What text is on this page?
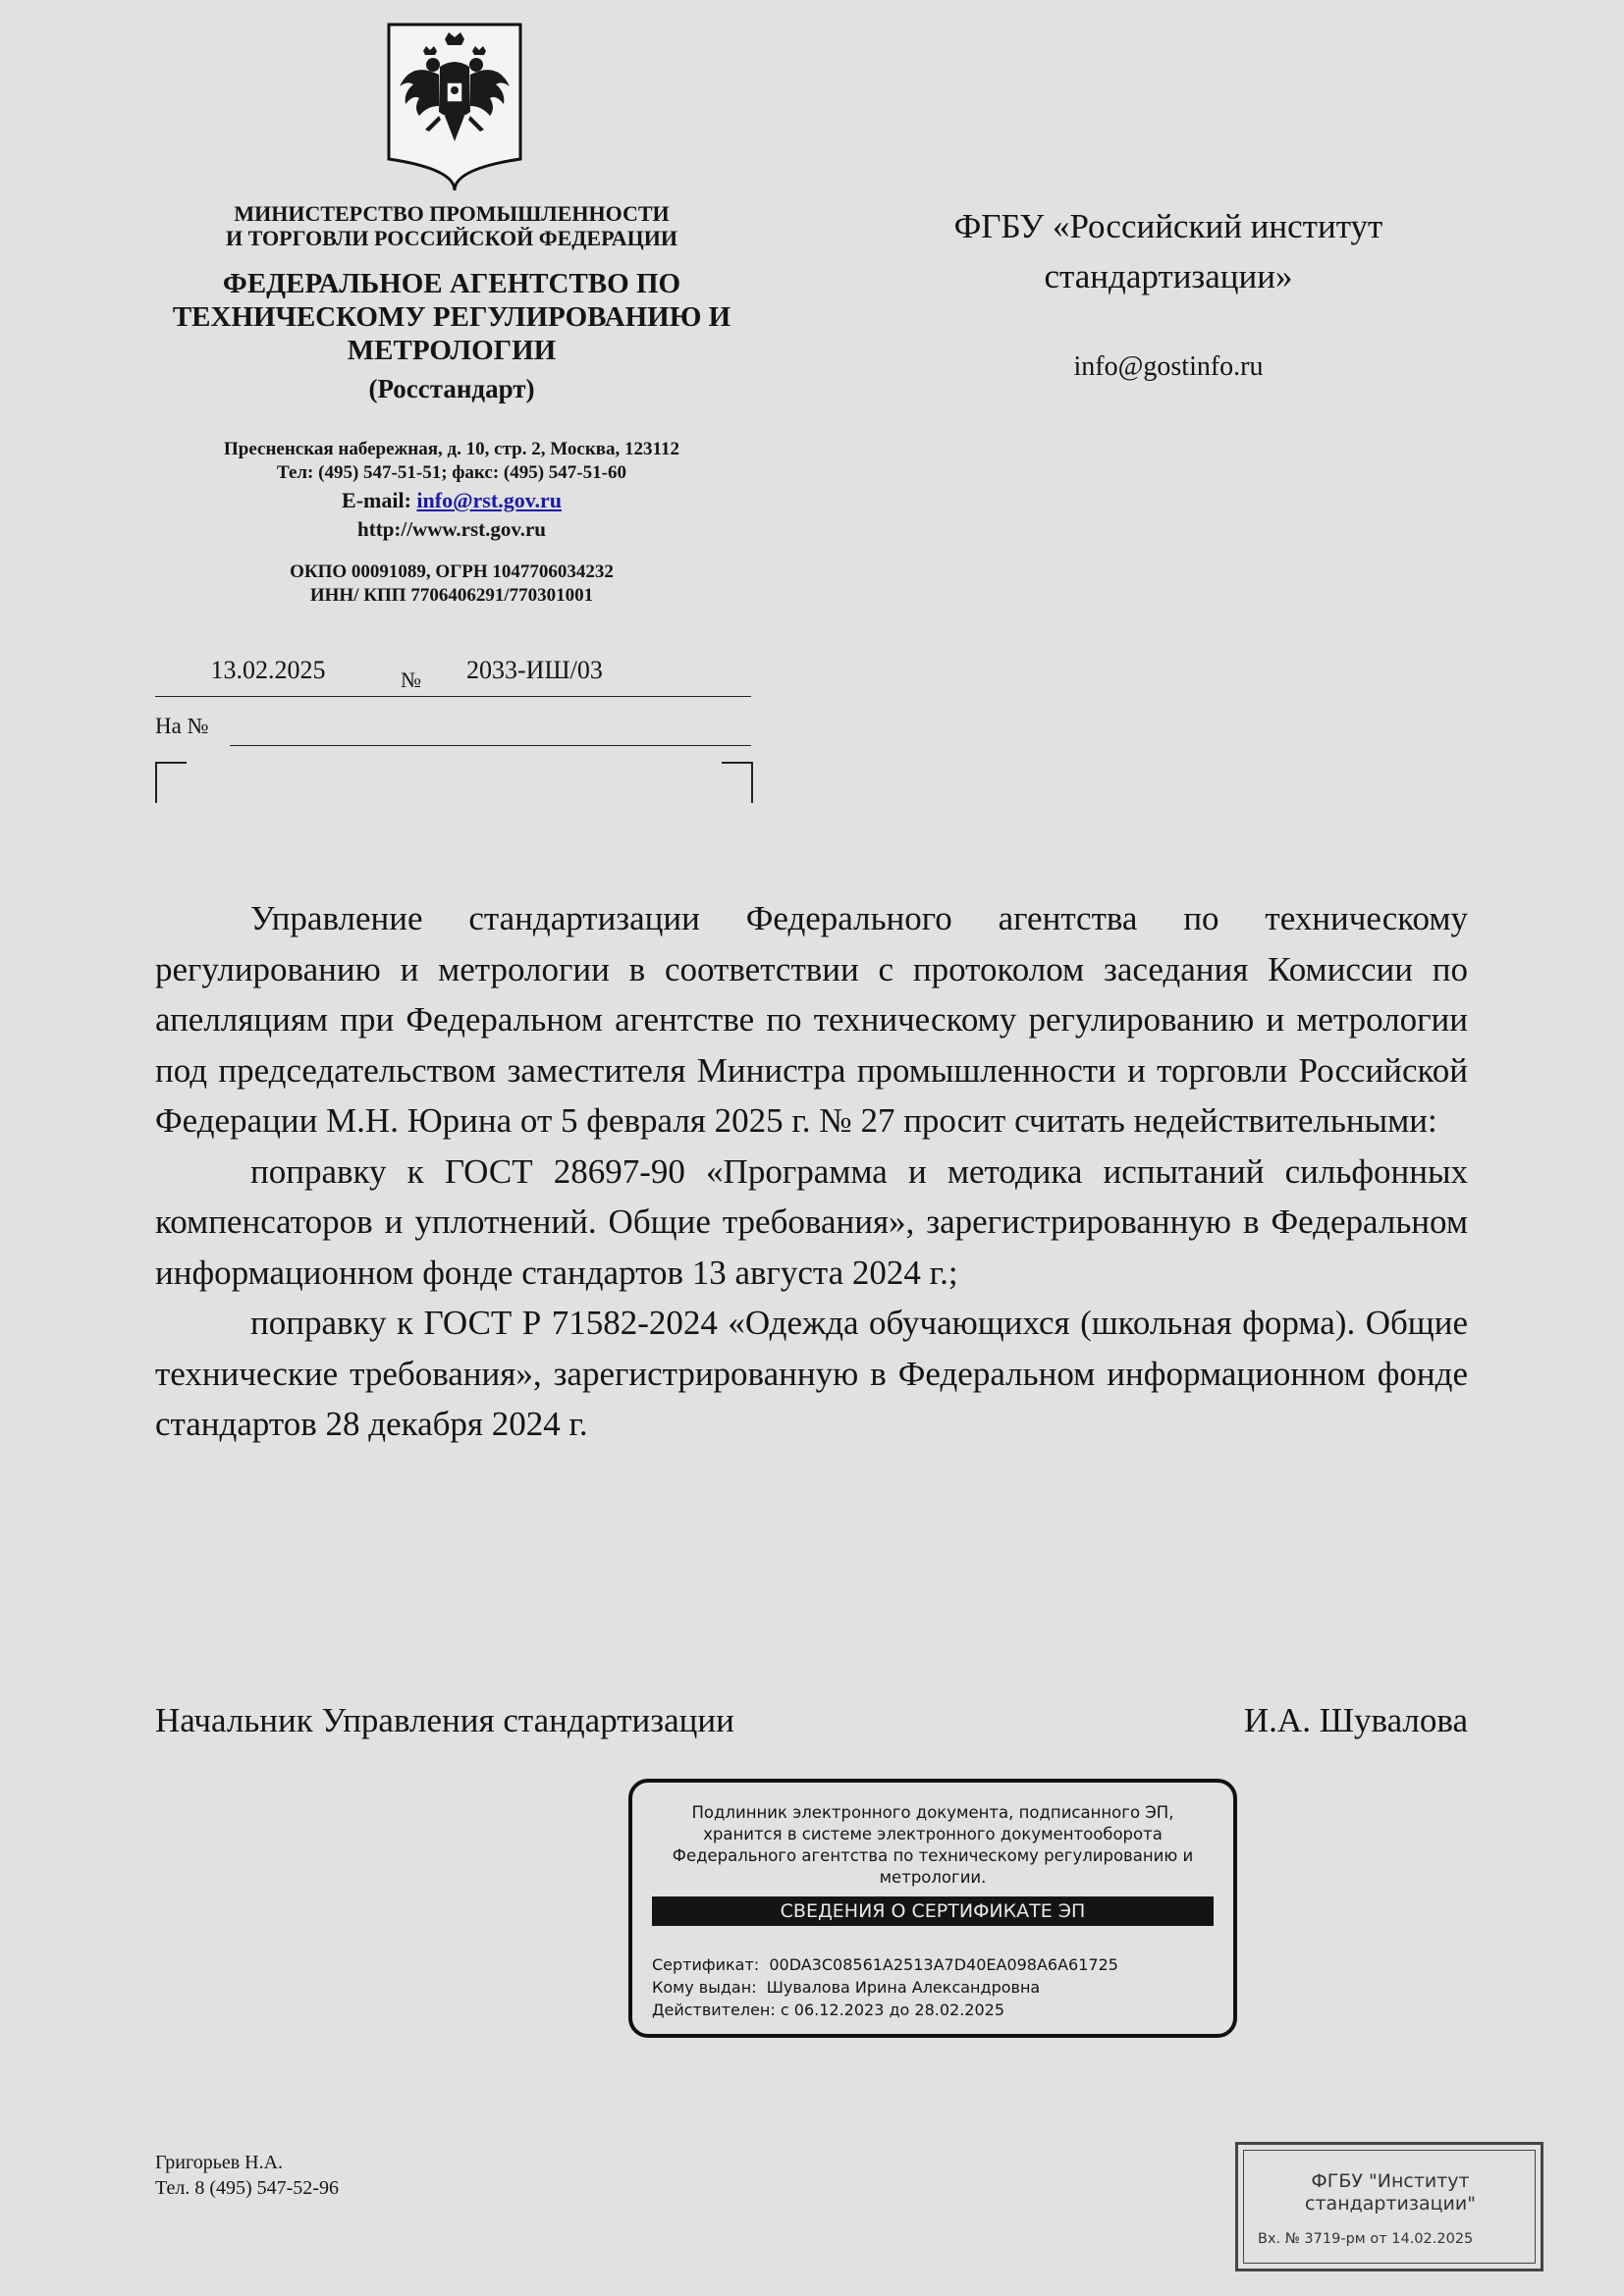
МИНИСТЕРСТВО ПРОМЫШЛЕННОСТИ
И ТОРГОВЛИ РОССИЙСКОЙ ФЕДЕРАЦИИ
ФЕДЕРАЛЬНОЕ АГЕНТСТВО ПО
ТЕХНИЧЕСКОМУ РЕГУЛИРОВАНИЮ И
МЕТРОЛОГИИ
(Росстандарт)
Пресненская набережная, д. 10, стр. 2, Москва, 123112
Тел: (495) 547-51-51; факс: (495) 547-51-60
E-mail: info@rst.gov.ru
http://www.rst.gov.ru
ОКПО 00091089, ОГРН 1047706034232
ИНН/ КПП 7706406291/770301001
13.02.2025	№	2033-ИШ/03
На №
ФГБУ «Российский институт
стандартизации»
info@gostinfo.ru

Управление стандартизации Федерального агентства по техническому регулированию и метрологии в соответствии с протоколом заседания Комиссии по апелляциям при Федеральном агентстве по техническому регулированию и метрологии под председательством заместителя Министра промышленности и торговли Российской Федерации М.Н. Юрина от 5 февраля 2025 г. № 27 просит считать недействительными:

поправку к ГОСТ 28697-90 «Программа и методика испытаний сильфонных компенсаторов и уплотнений. Общие требования», зарегистрированную в Федеральном информационном фонде стандартов 13 августа 2024 г.;

поправку к ГОСТ Р 71582-2024 «Одежда обучающихся (школьная форма). Общие технические требования», зарегистрированную в Федеральном информационном фонде стандартов 28 декабря 2024 г.

Начальник Управления стандартизации	И.А. Шувалова
Подлинник электронного документа, подписанного ЭП,
хранится в системе электронного документооборота
Федерального агентства по техническому регулированию и
метрологии.
СВЕДЕНИЯ О СЕРТИФИКАТЕ ЭП
Сертификат: 00DA3C08561A2513A7D40EA098A6A61725
Кому выдан: Шувалова Ирина Александровна
Действителен: с 06.12.2023 до 28.02.2025
Григорьев Н.А.
Тел. 8 (495) 547-52-96	ФГБУ "Институт
стандартизации"
Вх. № 3719-рм от 14.02.2025
